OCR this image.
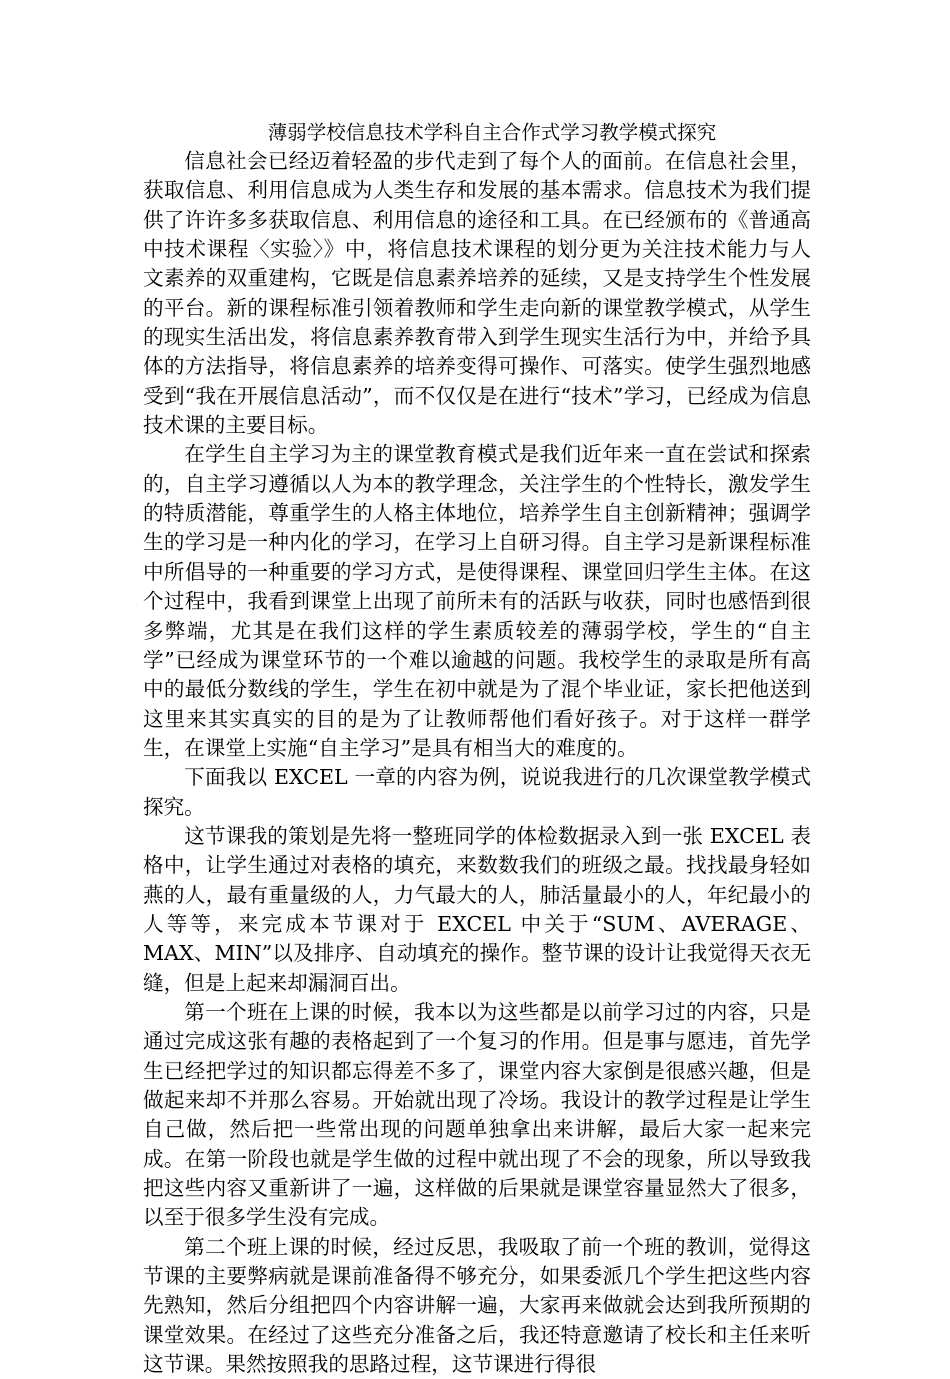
薄弱学校信息技术学科自主合作式学习教学模式探究

信息社会已经迈着轻盈的步代走到了每个人的面前。在信息社会里，获取信息、利用信息成为人类生存和发展的基本需求。信息技术为我们提供了许许多多获取信息、利用信息的途径和工具。在已经颁布的《普通高中技术课程〈实验〉》中，将信息技术课程的划分更为关注技术能力与人文素养的双重建构，它既是信息素养培养的延续，又是支持学生个性发展的平台。新的课程标准引领着教师和学生走向新的课堂教学模式，从学生的现实生活出发，将信息素养教育带入到学生现实生活行为中，并给予具体的方法指导，将信息素养的培养变得可操作、可落实。使学生强烈地感受到“我在开展信息活动”，而不仅仅是在进行“技术”学习，已经成为信息技术课的主要目标。

在学生自主学习为主的课堂教育模式是我们近年来一直在尝试和探索的，自主学习遵循以人为本的教学理念，关注学生的个性特长，激发学生的特质潜能，尊重学生的人格主体地位，培养学生自主创新精神；强调学生的学习是一种内化的学习，在学习上自研习得。自主学习是新课程标准中所倡导的一种重要的学习方式，是使得课程、课堂回归学生主体。在这个过程中，我看到课堂上出现了前所未有的活跃与收获，同时也感悟到很多弊端，尤其是在我们这样的学生素质较差的薄弱学校，学生的“自主学”已经成为课堂环节的一个难以逾越的问题。我校学生的录取是所有高中的最低分数线的学生，学生在初中就是为了混个毕业证，家长把他送到这里来其实真实的目的是为了让教师帮他们看好孩子。对于这样一群学生，在课堂上实施“自主学习”是具有相当大的难度的。

下面我以 EXCEL 一章的内容为例，说说我进行的几次课堂教学模式探究。

这节课我的策划是先将一整班同学的体检数据录入到一张 EXCEL 表格中，让学生通过对表格的填充，来数数我们的班级之最。找找最身轻如燕的人，最有重量级的人，力气最大的人，肺活量最小的人，年纪最小的人等等，来完成本节课对于 EXCEL 中关于“SUM、AVERAGE、MAX、MIN”以及排序、自动填充的操作。整节课的设计让我觉得天衣无缝，但是上起来却漏洞百出。

第一个班在上课的时候，我本以为这些都是以前学习过的内容，只是通过完成这张有趣的表格起到了一个复习的作用。但是事与愿违，首先学生已经把学过的知识都忘得差不多了，课堂内容大家倒是很感兴趣，但是做起来却不并那么容易。开始就出现了冷场。我设计的教学过程是让学生自己做，然后把一些常出现的问题单独拿出来讲解，最后大家一起来完成。在第一阶段也就是学生做的过程中就出现了不会的现象，所以导致我把这些内容又重新讲了一遍，这样做的后果就是课堂容量显然大了很多，以至于很多学生没有完成。

第二个班上课的时候，经过反思，我吸取了前一个班的教训，觉得这节课的主要弊病就是课前准备得不够充分，如果委派几个学生把这些内容先熟知，然后分组把四个内容讲解一遍，大家再来做就会达到我所预期的课堂效果。在经过了这些充分准备之后，我还特意邀请了校长和主任来听这节课。果然按照我的思路过程，这节课进行得很
